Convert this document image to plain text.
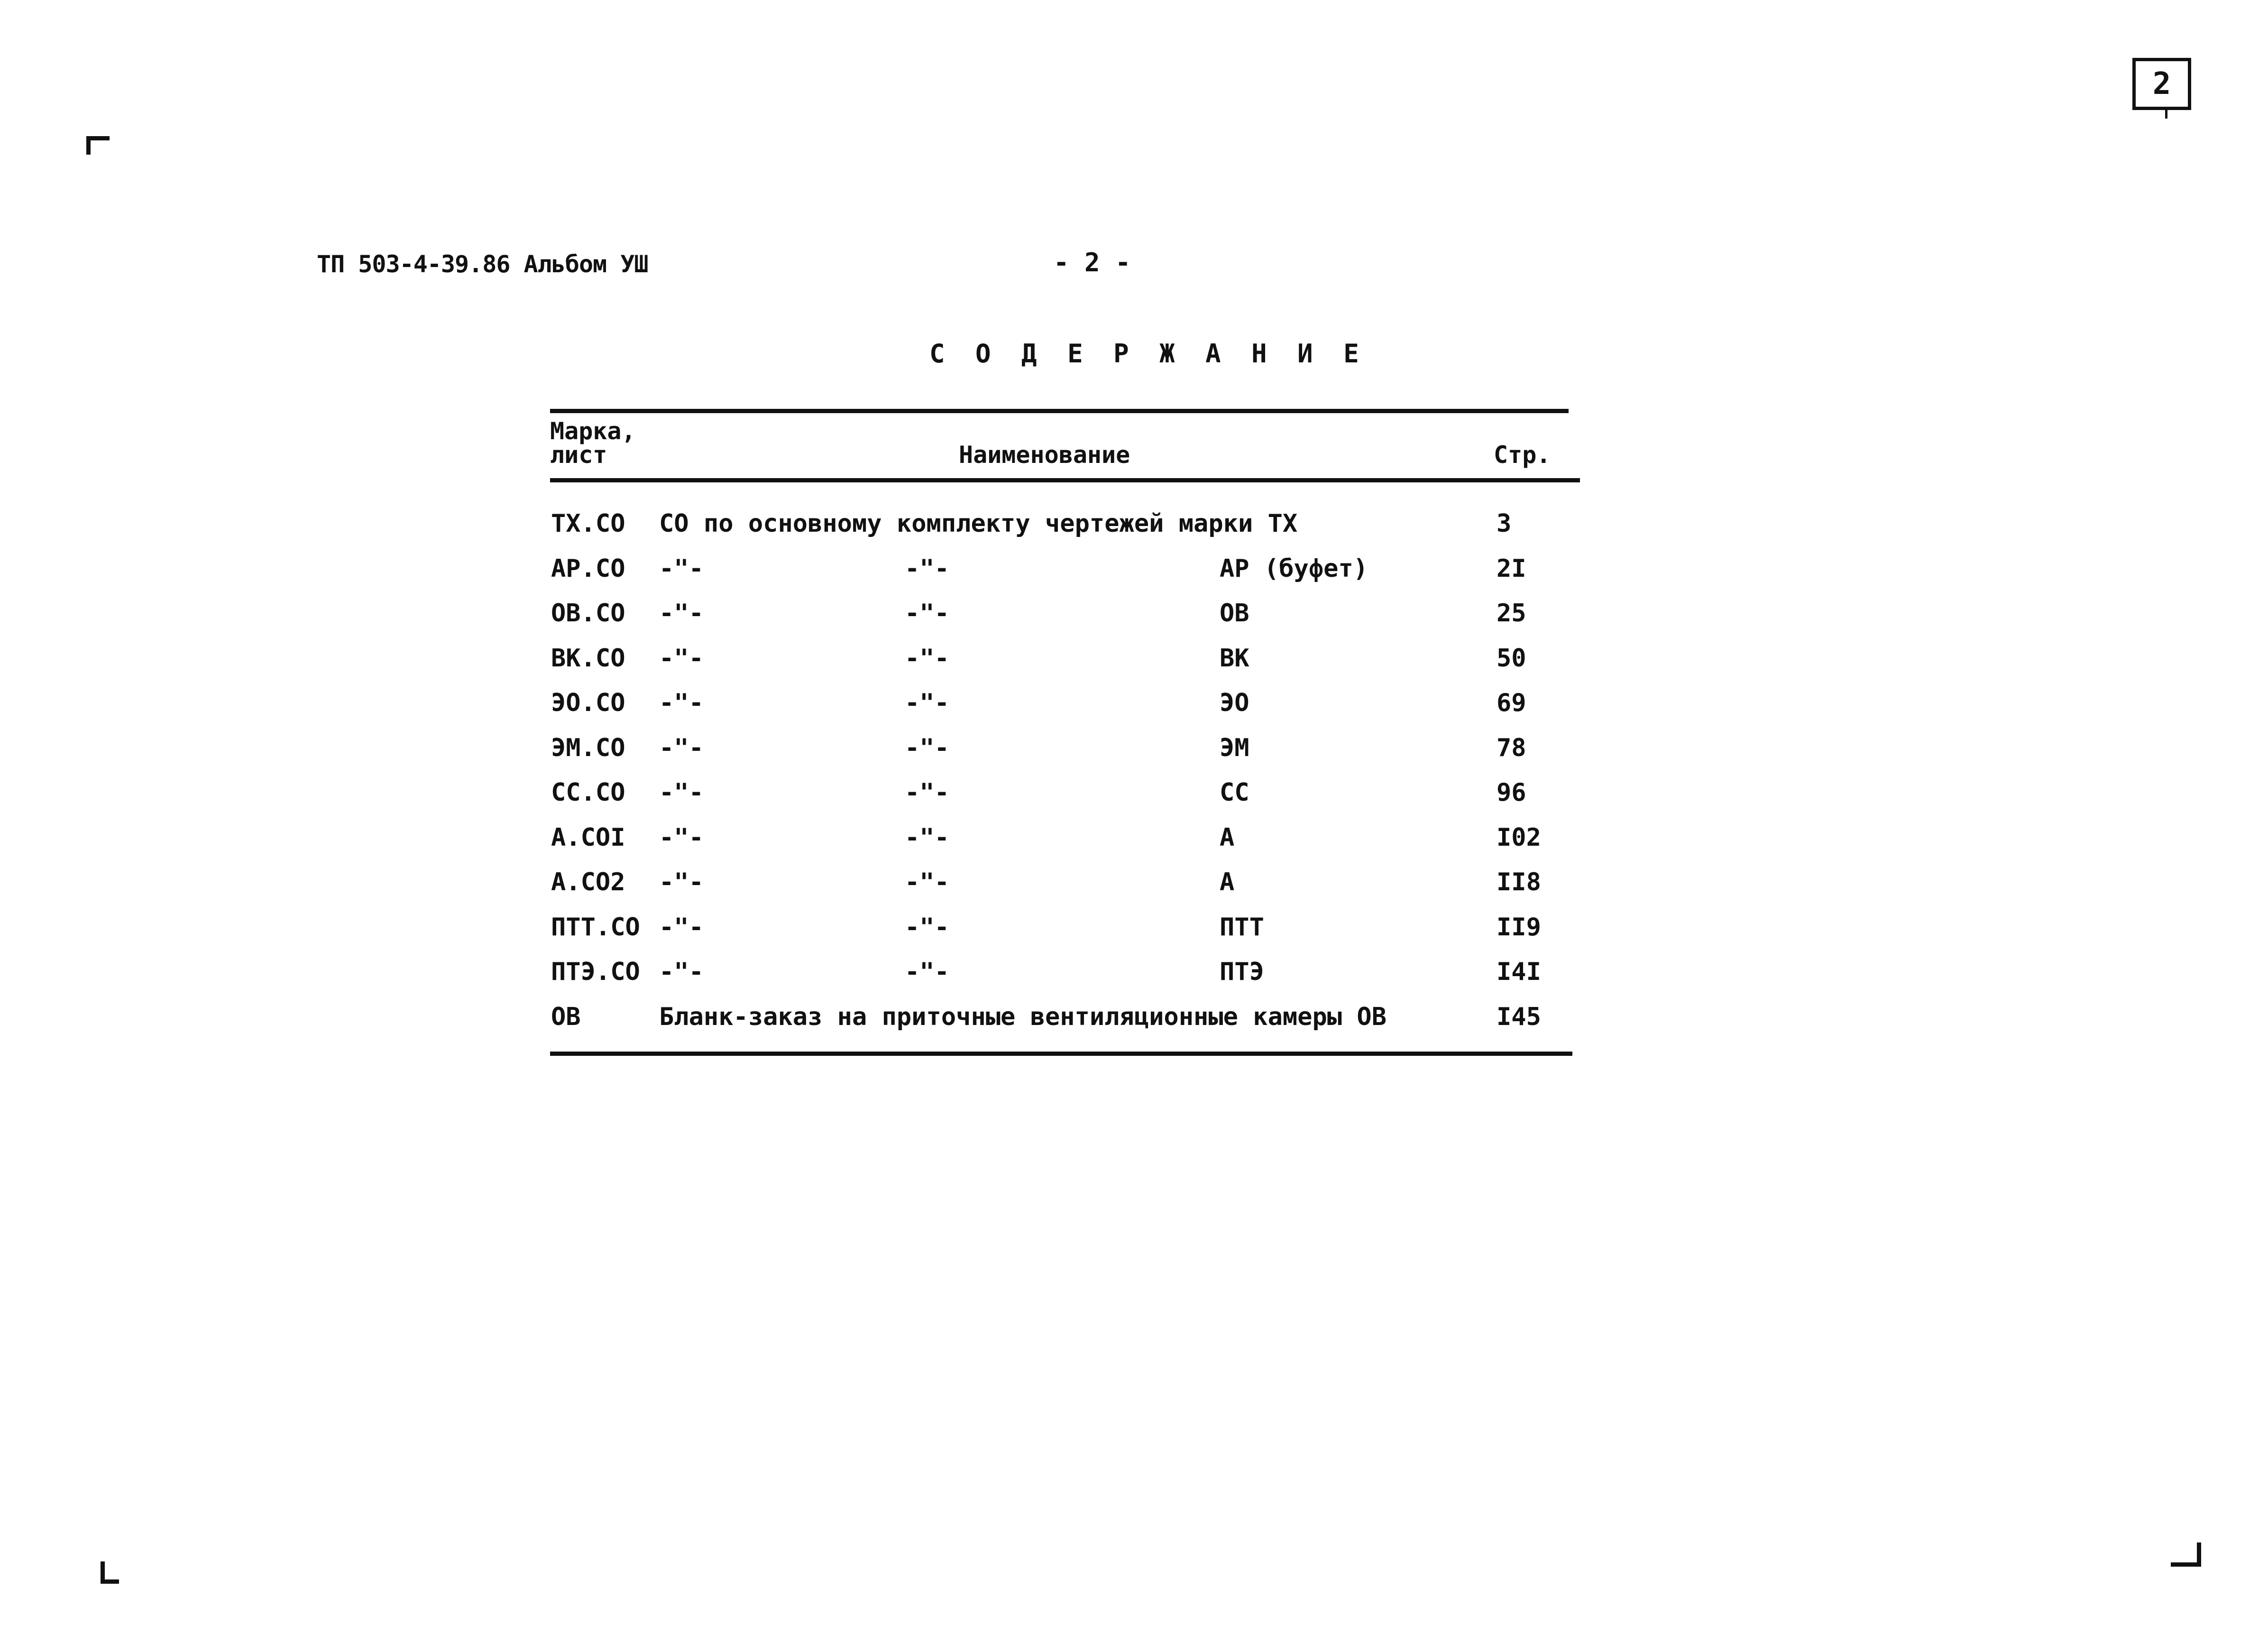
2
ТП 503-4-39.86 Альбом УШ	- 2 -
С О Д Е Р Ж А Н И Е
Марка,
лист	Наименование	Стр.
ТХ.СО СО по основному комплекту чертежей марки ТХ	3
АР.СО -"-	-"-	АР (буфет)	2I
ОВ.СО -"-	-"-	ОВ	25
ВК.СО -"-	-"-	ВК	50
ЭО.СО -"-	-"-	ЭО	69
ЭМ.СО -"-	-"-	ЭМ	78
СС.СО -"-	-"-	СС	96
А.СОI -"-	-"-	А	I02
А.СО2 -"-	-"-	А	II8
ПТТ.СО -"-	-"-	ПТТ	II9
ПТЭ.СО -"-	-"-	ПТЭ	I4I
ОВ	Бланк-заказ на приточные вентиляционные камеры ОВ	I45
